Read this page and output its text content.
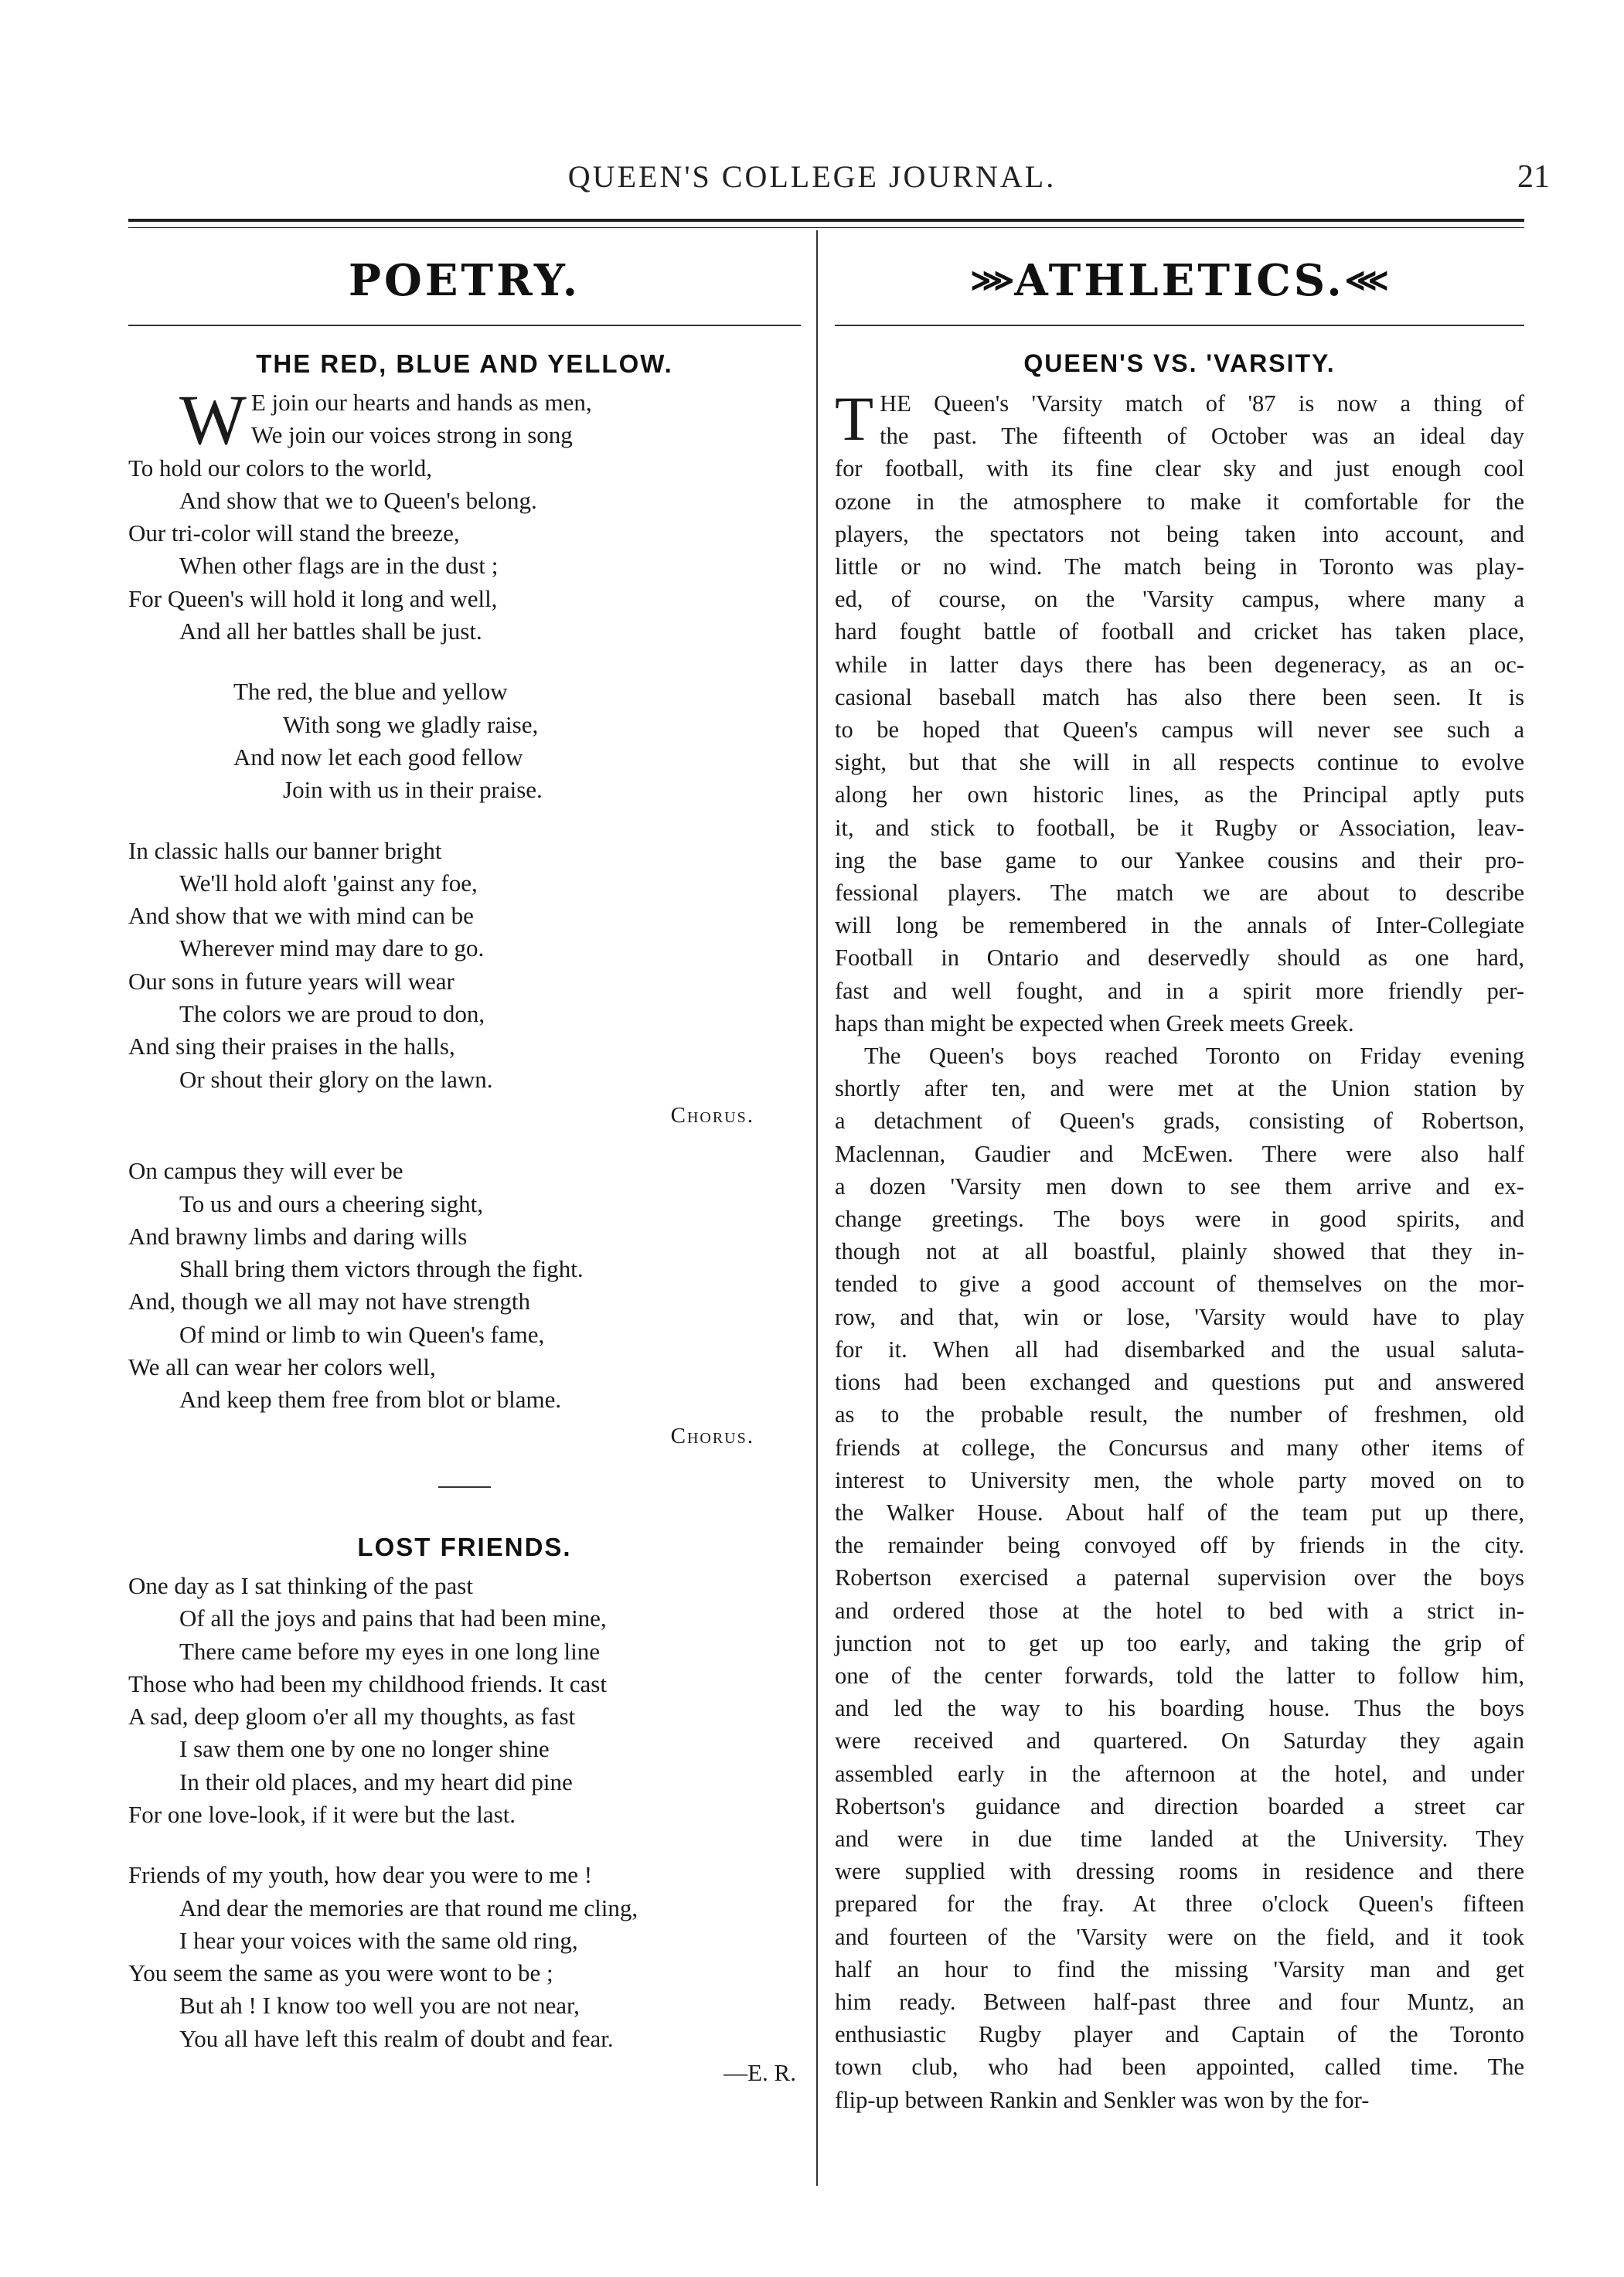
QUEEN'S COLLEGE JOURNAL.	21
POETRY.
THE RED, BLUE AND YELLOW.
W E join our hearts and hands as men,
We join our voices strong in song
To hold our colors to the world,
And show that we to Queen's belong.
Our tri-color will stand the breeze,
When other flags are in the dust ;
For Queen's will hold it long and well,
And all her battles shall be just.
The red, the blue and yellow
With song we gladly raise,
And now let each good fellow
Join with us in their praise.
In classic halls our banner bright
We'll hold aloft 'gainst any foe,
And show that we with mind can be
Wherever mind may dare to go.
Our sons in future years will wear
The colors we are proud to don,
And sing their praises in the halls,
Or shout their glory on the lawn.
Chorus.
On campus they will ever be
To us and ours a cheering sight,
And brawny limbs and daring wills
Shall bring them victors through the fight.
And, though we all may not have strength
Of mind or limb to win Queen's fame,
We all can wear her colors well,
And keep them free from blot or blame.
Chorus.
LOST FRIENDS.
One day as I sat thinking of the past
Of all the joys and pains that had been mine,
There came before my eyes in one long line
Those who had been my childhood friends. It cast
A sad, deep gloom o'er all my thoughts, as fast
I saw them one by one no longer shine
In their old places, and my heart did pine
For one love-look, if it were but the last.
Friends of my youth, how dear you were to me !
And dear the memories are that round me cling,
I hear your voices with the same old ring,
You seem the same as you were wont to be ;
But ah ! I know too well you are not near,
You all have left this realm of doubt and fear.
—E. R.
⋙ATHLETICS.⋘
QUEEN'S VS. 'VARSITY.
T HE Queen's 'Varsity match of '87 is now a thing of
the past. The fifteenth of October was an ideal day
for football, with its fine clear sky and just enough cool
ozone in the atmosphere to make it comfortable for the
players, the spectators not being taken into account, and
little or no wind. The match being in Toronto was play-
ed, of course, on the 'Varsity campus, where many a
hard fought battle of football and cricket has taken place,
while in latter days there has been degeneracy, as an oc-
casional baseball match has also there been seen. It is
to be hoped that Queen's campus will never see such a
sight, but that she will in all respects continue to evolve
along her own historic lines, as the Principal aptly puts
it, and stick to football, be it Rugby or Association, leav-
ing the base game to our Yankee cousins and their pro-
fessional players. The match we are about to describe
will long be remembered in the annals of Inter-Collegiate
Football in Ontario and deservedly should as one hard,
fast and well fought, and in a spirit more friendly per-
haps than might be expected when Greek meets Greek.
The Queen's boys reached Toronto on Friday evening
shortly after ten, and were met at the Union station by
a detachment of Queen's grads, consisting of Robertson,
Maclennan, Gaudier and McEwen. There were also half
a dozen 'Varsity men down to see them arrive and ex-
change greetings. The boys were in good spirits, and
though not at all boastful, plainly showed that they in-
tended to give a good account of themselves on the mor-
row, and that, win or lose, 'Varsity would have to play
for it. When all had disembarked and the usual saluta-
tions had been exchanged and questions put and answered
as to the probable result, the number of freshmen, old
friends at college, the Concursus and many other items of
interest to University men, the whole party moved on to
the Walker House. About half of the team put up there,
the remainder being convoyed off by friends in the city.
Robertson exercised a paternal supervision over the boys
and ordered those at the hotel to bed with a strict in-
junction not to get up too early, and taking the grip of
one of the center forwards, told the latter to follow him,
and led the way to his boarding house. Thus the boys
were received and quartered. On Saturday they again
assembled early in the afternoon at the hotel, and under
Robertson's guidance and direction boarded a street car
and were in due time landed at the University. They
were supplied with dressing rooms in residence and there
prepared for the fray. At three o'clock Queen's fifteen
and fourteen of the 'Varsity were on the field, and it took
half an hour to find the missing 'Varsity man and get
him ready. Between half-past three and four Muntz, an
enthusiastic Rugby player and Captain of the Toronto
town club, who had been appointed, called time. The
flip-up between Rankin and Senkler was won by the for-
